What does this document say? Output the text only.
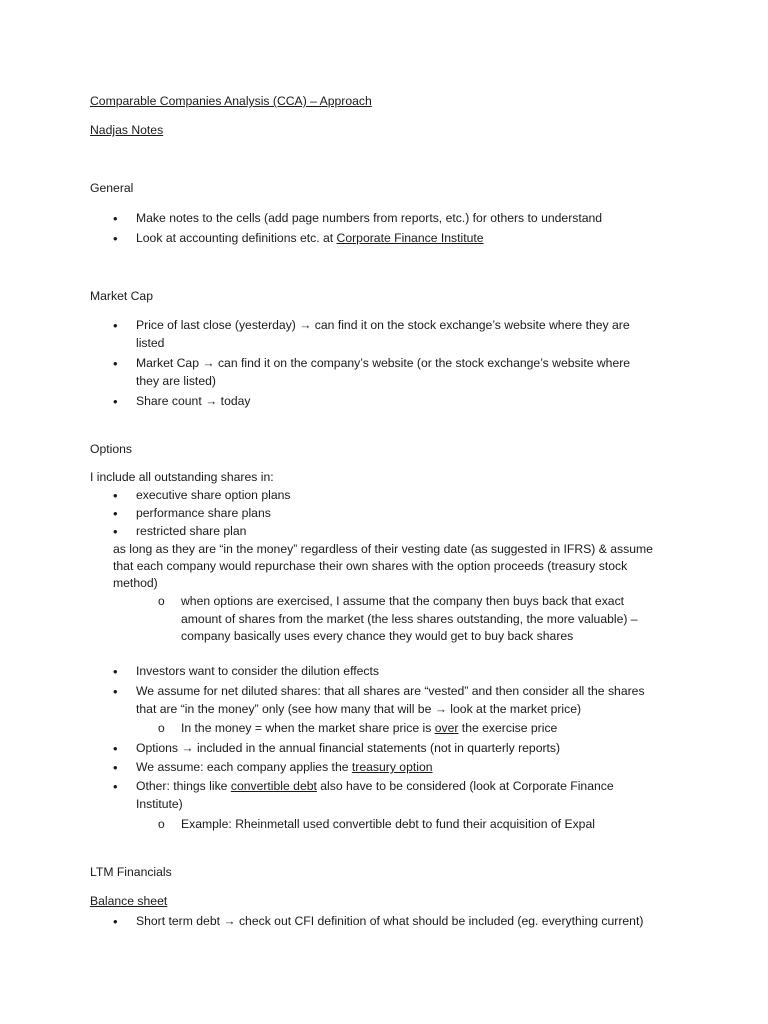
Comparable Companies Analysis (CCA) – Approach
Nadjas Notes
General
• Make notes to the cells (add page numbers from reports, etc.) for others to understand
• Look at accounting definitions etc. at Corporate Finance Institute
Market Cap
• Price of last close (yesterday) → can find it on the stock exchange’s website where they are
listed
• Market Cap → can find it on the company’s website (or the stock exchange’s website where
they are listed)
• Share count → today
Options
I include all outstanding shares in:
• executive share option plans
• performance share plans
• restricted share plan
as long as they are “in the money” regardless of their vesting date (as suggested in IFRS) & assume
that each company would repurchase their own shares with the option proceeds (treasury stock
method)
o when options are exercised, I assume that the company then buys back that exact
amount of shares from the market (the less shares outstanding, the more valuable) –
company basically uses every chance they would get to buy back shares
• Investors want to consider the dilution effects
• We assume for net diluted shares: that all shares are “vested” and then consider all the shares
that are “in the money” only (see how many that will be → look at the market price)
o In the money = when the market share price is over the exercise price
• Options → included in the annual financial statements (not in quarterly reports)
• We assume: each company applies the treasury option
• Other: things like convertible debt also have to be considered (look at Corporate Finance
Institute)
o Example: Rheinmetall used convertible debt to fund their acquisition of Expal
LTM Financials
Balance sheet
• Short term debt → check out CFI definition of what should be included (eg. everything current)
